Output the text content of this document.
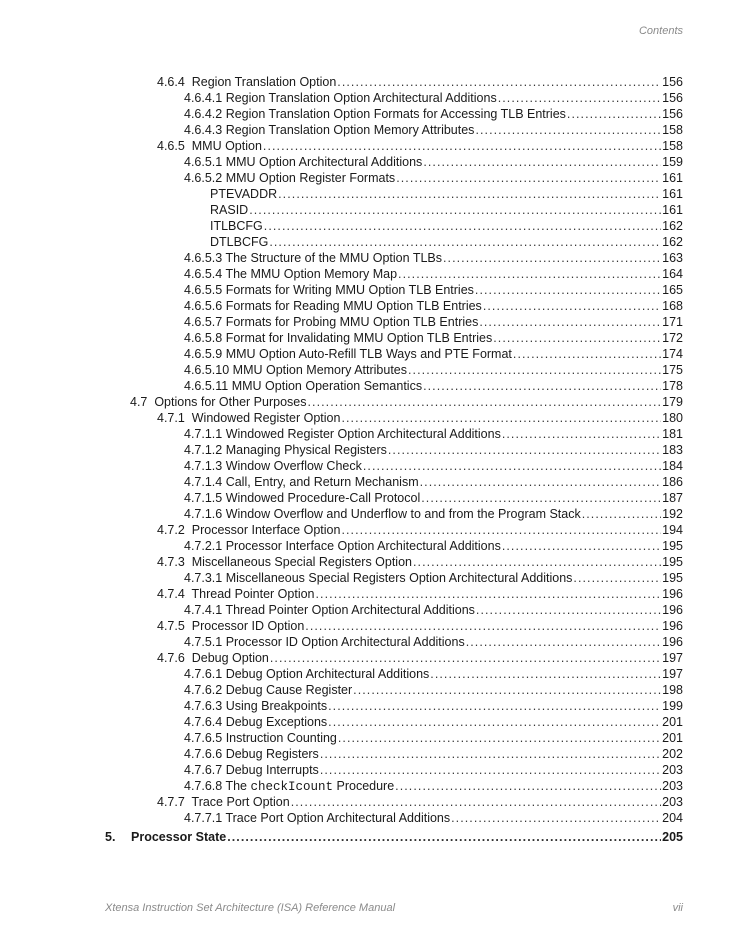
Contents
4.6.4  Region Translation Option . . .	156
4.6.4.1 Region Translation Option Architectural Additions . . .	156
4.6.4.2 Region Translation Option Formats for Accessing TLB Entries . . .	156
4.6.4.3 Region Translation Option Memory Attributes . . .	158
4.6.5  MMU Option . . .	158
4.6.5.1 MMU Option Architectural Additions . . .	159
4.6.5.2 MMU Option Register Formats . . .	161
PTEVADDR . . .	161
RASID . . .	161
ITLBCFG . . .	162
DTLBCFG . . .	162
4.6.5.3 The Structure of the MMU Option TLBs . . .	163
4.6.5.4 The MMU Option Memory Map . . .	164
4.6.5.5 Formats for Writing MMU Option TLB Entries . . .	165
4.6.5.6 Formats for Reading MMU Option TLB Entries . . .	168
4.6.5.7 Formats for Probing MMU Option TLB Entries . . .	171
4.6.5.8 Format for Invalidating MMU Option TLB Entries . . .	172
4.6.5.9 MMU Option Auto-Refill TLB Ways and PTE Format . . .	174
4.6.5.10 MMU Option Memory Attributes . . .	175
4.6.5.11 MMU Option Operation Semantics . . .	178
4.7  Options for Other Purposes . . .	179
4.7.1  Windowed Register Option . . .	180
4.7.1.1 Windowed Register Option Architectural Additions . . .	181
4.7.1.2 Managing Physical Registers . . .	183
4.7.1.3 Window Overflow Check . . .	184
4.7.1.4 Call, Entry, and Return Mechanism . . .	186
4.7.1.5 Windowed Procedure-Call Protocol . . .	187
4.7.1.6 Window Overflow and Underflow to and from the Program Stack . . .	192
4.7.2  Processor Interface Option . . .	194
4.7.2.1 Processor Interface Option Architectural Additions . . .	195
4.7.3  Miscellaneous Special Registers Option . . .	195
4.7.3.1 Miscellaneous Special Registers Option Architectural Additions . . .	195
4.7.4  Thread Pointer Option . . .	196
4.7.4.1 Thread Pointer Option Architectural Additions . . .	196
4.7.5  Processor ID Option . . .	196
4.7.5.1 Processor ID Option Architectural Additions . . .	196
4.7.6  Debug Option . . .	197
4.7.6.1 Debug Option Architectural Additions . . .	197
4.7.6.2 Debug Cause Register . . .	198
4.7.6.3 Using Breakpoints . . .	199
4.7.6.4 Debug Exceptions . . .	201
4.7.6.5 Instruction Counting . . .	201
4.7.6.6 Debug Registers . . .	202
4.7.6.7 Debug Interrupts . . .	203
4.7.6.8 The checkIcount Procedure . . .	203
4.7.7  Trace Port Option . . .	203
4.7.7.1 Trace Port Option Architectural Additions . . .	204
5.	Processor State . . .	205
Xtensa Instruction Set Architecture (ISA) Reference Manual	vii
